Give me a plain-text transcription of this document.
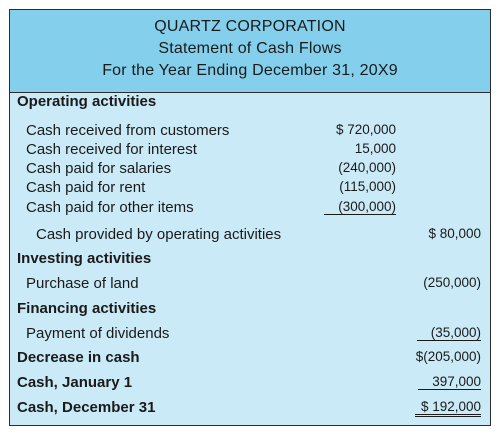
QUARTZ CORPORATION
Statement of Cash Flows
For the Year Ending December 31, 20X9
Operating activities
Cash received from customers	$ 720,000
Cash received for interest	15,000
Cash paid for salaries	(240,000)
Cash paid for rent	(115,000)
Cash paid for other items	(300,000)
Cash provided by operating activities	$ 80,000
Investing activities
Purchase of land	(250,000)
Financing activities
Payment of dividends	(35,000)
Decrease in cash	$(205,000)
Cash, January 1	397,000
Cash, December 31	$ 192,000
